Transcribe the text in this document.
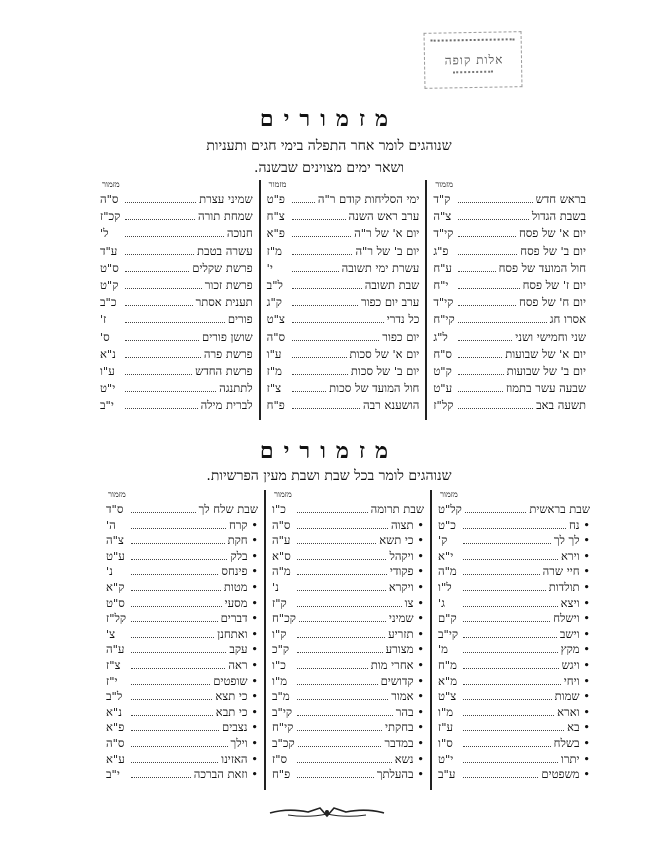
אלות קופה
מזמורים
שנוהגים לומר אחר התפלה בימי חגים ותעניות
ושאר ימים מצוינים שבשנה.
מזמור
בראש חדש
ק"ד
בשבת הגדול
צ"ה
יום א' של פסח
קי"ד
יום ב' של פסח
פ"ג
חול המועד של פסח
ע"ח
יום ז' של פסח
י"ח
יום ח' של פסח
קי"ד
אסרו חג
קי"ח
שני וחמישי ושני
ל"ג
יום א' של שבועות
ס"ח
יום ב' של שבועות
ק"ט
שבעה עשר בתמוז
ע"ט
תשעה באב
קל"ז
מזמור
ימי הסליחות קודם ר"ה
פ"ט
ערב ראש השנה
צ"ח
יום א' של ר"ה
פ"א
יום ב' של ר"ה
מ"ז
עשרת ימי תשובה
י'
שבת תשובה
ל"ב
ערב יום כפור
ק"ג
כל נדרי
צ"ט
יום כפור
ס"ה
יום א' של סכות
ע"ו
יום ב' של סכות
מ"ז
חול המועד של סכות
צ"ז
הושענא רבה
פ"ח
מזמור
שמיני עצרת
ס"ה
שמחת תורה
קכ"ז
חנוכה
ל'
עשרה בטבת
ע"ד
פרשת שקלים
ס"ט
פרשת זכור
ק"ט
תענית אסתר
כ"ב
פורים
ז'
שושן פורים
ס'
פרשת פרה
נ"א
פרשת החדש
ע"ו
לתתנגה
י"ט
לברית מילה
י"ב
מזמורים
שנוהגים לומר בכל שבת ושבת מעין הפרשיות.
מזמור
שבת בראשית
קל"ט
• נח
כ"ט
• לך לך
ק'
• וירא
י"א
• חיי שרה
מ"ה
• תולדות
ל"ו
• ויצא
ג'
• וישלח
ק"ם
• וישב
קי"ב
• מקץ
מ'
• ויגש
מ"ח
• ויחי
מ"א
• שמות
צ"ט
• וארא
מ"ו
• בא
ע"ז
• בשלח
ס"ו
• יתרו
י"ט
• משפטים
ע"ב
מזמור
שבת תרומה
כ"ו
• תצוה
ס"ה
• כי תשא
ע"ה
• ויקהל
ס"א
• פקודי
מ"ה
• ויקרא
נ'
• צו
ק"ז
• שמיני
קכ"ח
• תזריע
ק"ו
• מצורע
ק"כ
• אחרי מות
כ"ו
• קדושים
מ"ו
• אמור
מ"ב
• בהר
קי"ב
• בחקתי
קי"ח
• במדבר
קכ"ב
• נשא
ס"ז
• בהעלתך
פ"ח
מזמור
שבת שלח לך
ס"ד
• קרח
ה'
• חקת
צ"ה
• בלק
ע"ט
• פינחס
נ'
• מטות
ק"א
• מסעי
ס"ט
• דברים
קל"ז
• ואתחנן
צ'
• עקב
ע"ה
• ראה
צ"ז
• שופטים
י"ז
• כי תצא
ל"ב
• כי תבא
נ"א
• נצבים
פ"א
• וילך
ס"ה
• האזינו
ע"א
• וזאת הברכה
י"ב
